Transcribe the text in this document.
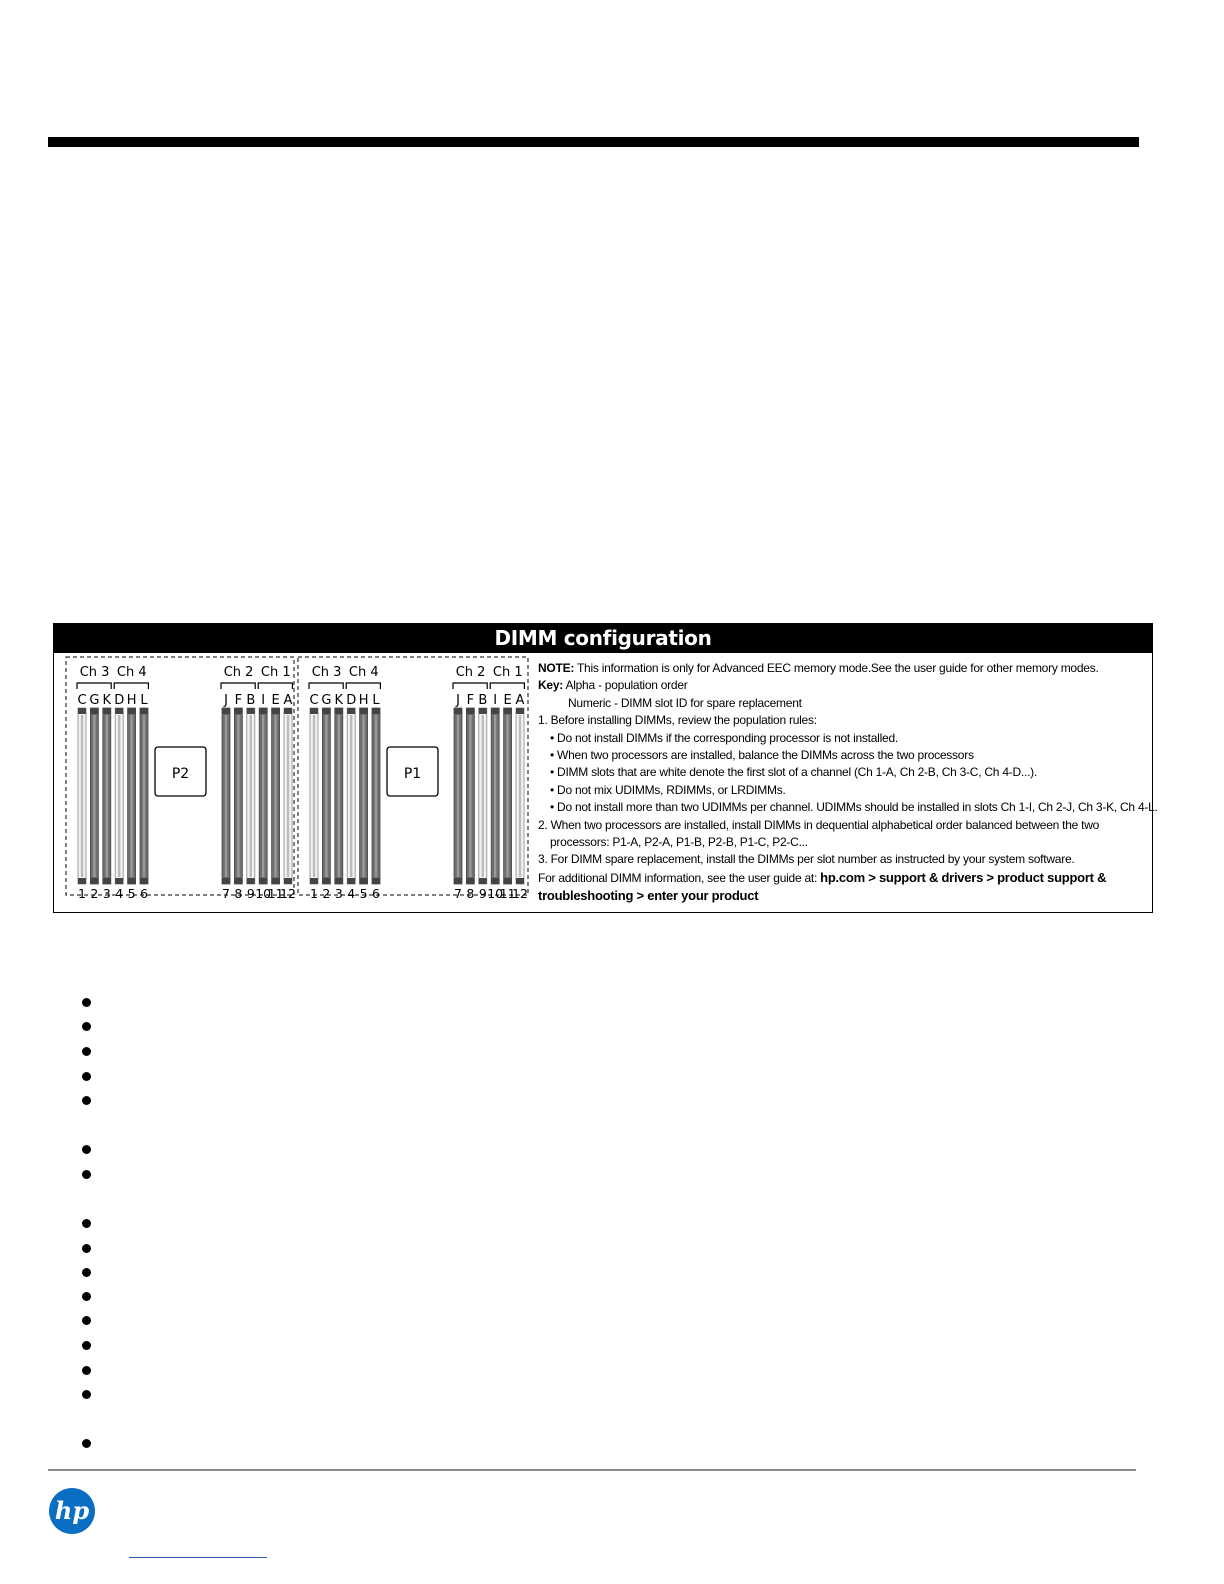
DIMM configuration
P2
Ch 3 Ch 4
C
1
G
2
K
3
D
4
H
5
L
6
Ch 2 Ch 1
J
7
F
8
B
9
I
10
E
11
A
12
P1
Ch 3 Ch 4
C
1
G
2
K
3
D
4
H
5
L
6
Ch 2 Ch 1
J
7
F
8
B
9
I
10
E
11
A
12
NOTE: This information is only for Advanced EEC memory mode.See the user guide for other memory modes.
Key: Alpha - population order
Numeric - DIMM slot ID for spare replacement
1. Before installing DIMMs, review the population rules:
• Do not install DIMMs if the corresponding processor is not installed.
• When two processors are installed, balance the DIMMs across the two processors
• DIMM slots that are white denote the first slot of a channel (Ch 1-A, Ch 2-B, Ch 3-C, Ch 4-D...).
• Do not mix UDIMMs, RDIMMs, or LRDIMMs.
• Do not install more than two UDIMMs per channel. UDIMMs should be installed in slots Ch 1-I, Ch 2-J, Ch 3-K, Ch 4-L.
2. When two processors are installed, install DIMMs in dequential alphabetical order balanced between the two
processors: P1-A, P2-A, P1-B, P2-B, P1-C, P2-C...
3. For DIMM spare replacement, install the DIMMs per slot number as instructed by your system software.
For additional DIMM information, see the user guide at: hp.com > support & drivers > product support &
troubleshooting > enter your product
hp
